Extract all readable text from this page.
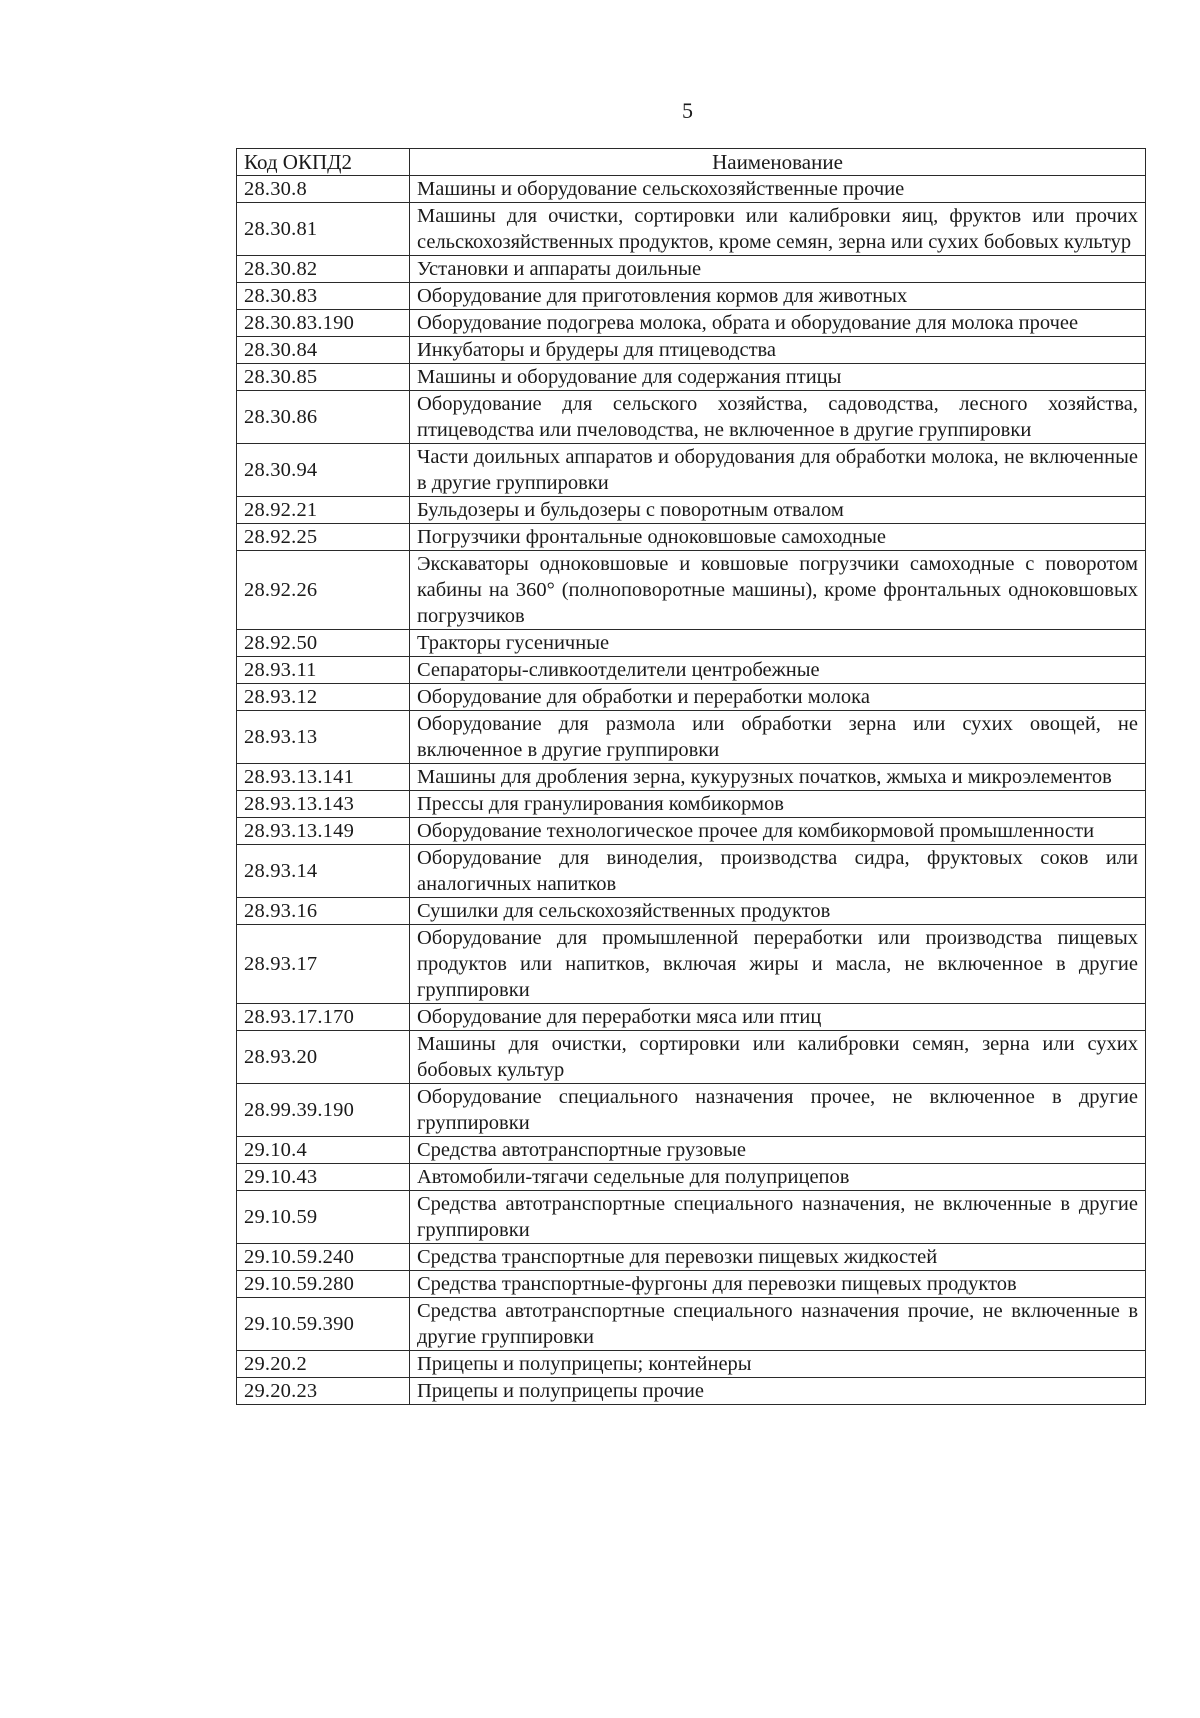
5
Код ОКПД2	Наименование
28.30.8	Машины и оборудование сельскохозяйственные прочие
28.30.81	Машины для очистки, сортировки или калибровки яиц, фруктов или прочих сельскохозяйственных продуктов, кроме семян, зерна или сухих бобовых культур
28.30.82	Установки и аппараты доильные
28.30.83	Оборудование для приготовления кормов для животных
28.30.83.190	Оборудование подогрева молока, обрата и оборудование для молока прочее
28.30.84	Инкубаторы и брудеры для птицеводства
28.30.85	Машины и оборудование для содержания птицы
28.30.86	Оборудование для сельского хозяйства, садоводства, лесного хозяйства, птицеводства или пчеловодства, не включенное в другие группировки
28.30.94	Части доильных аппаратов и оборудования для обработки молока, не включенные в другие группировки
28.92.21	Бульдозеры и бульдозеры с поворотным отвалом
28.92.25	Погрузчики фронтальные одноковшовые самоходные
28.92.26	Экскаваторы одноковшовые и ковшовые погрузчики самоходные с поворотом кабины на 360° (полноповоротные машины), кроме фронтальных одноковшовых погрузчиков
28.92.50	Тракторы гусеничные
28.93.11	Сепараторы-сливкоотделители центробежные
28.93.12	Оборудование для обработки и переработки молока
28.93.13	Оборудование для размола или обработки зерна или сухих овощей, не включенное в другие группировки
28.93.13.141	Машины для дробления зерна, кукурузных початков, жмыха и микроэлементов
28.93.13.143	Прессы для гранулирования комбикормов
28.93.13.149	Оборудование технологическое прочее для комбикормовой промышленности
28.93.14	Оборудование для виноделия, производства сидра, фруктовых соков или аналогичных напитков
28.93.16	Сушилки для сельскохозяйственных продуктов
28.93.17	Оборудование для промышленной переработки или производства пищевых продуктов или напитков, включая жиры и масла, не включенное в другие группировки
28.93.17.170	Оборудование для переработки мяса или птиц
28.93.20	Машины для очистки, сортировки или калибровки семян, зерна или сухих бобовых культур
28.99.39.190	Оборудование специального назначения прочее, не включенное в другие группировки
29.10.4	Средства автотранспортные грузовые
29.10.43	Автомобили-тягачи седельные для полуприцепов
29.10.59	Средства автотранспортные специального назначения, не включенные в другие группировки
29.10.59.240	Средства транспортные для перевозки пищевых жидкостей
29.10.59.280	Средства транспортные-фургоны для перевозки пищевых продуктов
29.10.59.390	Средства автотранспортные специального назначения прочие, не включенные в другие группировки
29.20.2	Прицепы и полуприцепы; контейнеры
29.20.23	Прицепы и полуприцепы прочие
